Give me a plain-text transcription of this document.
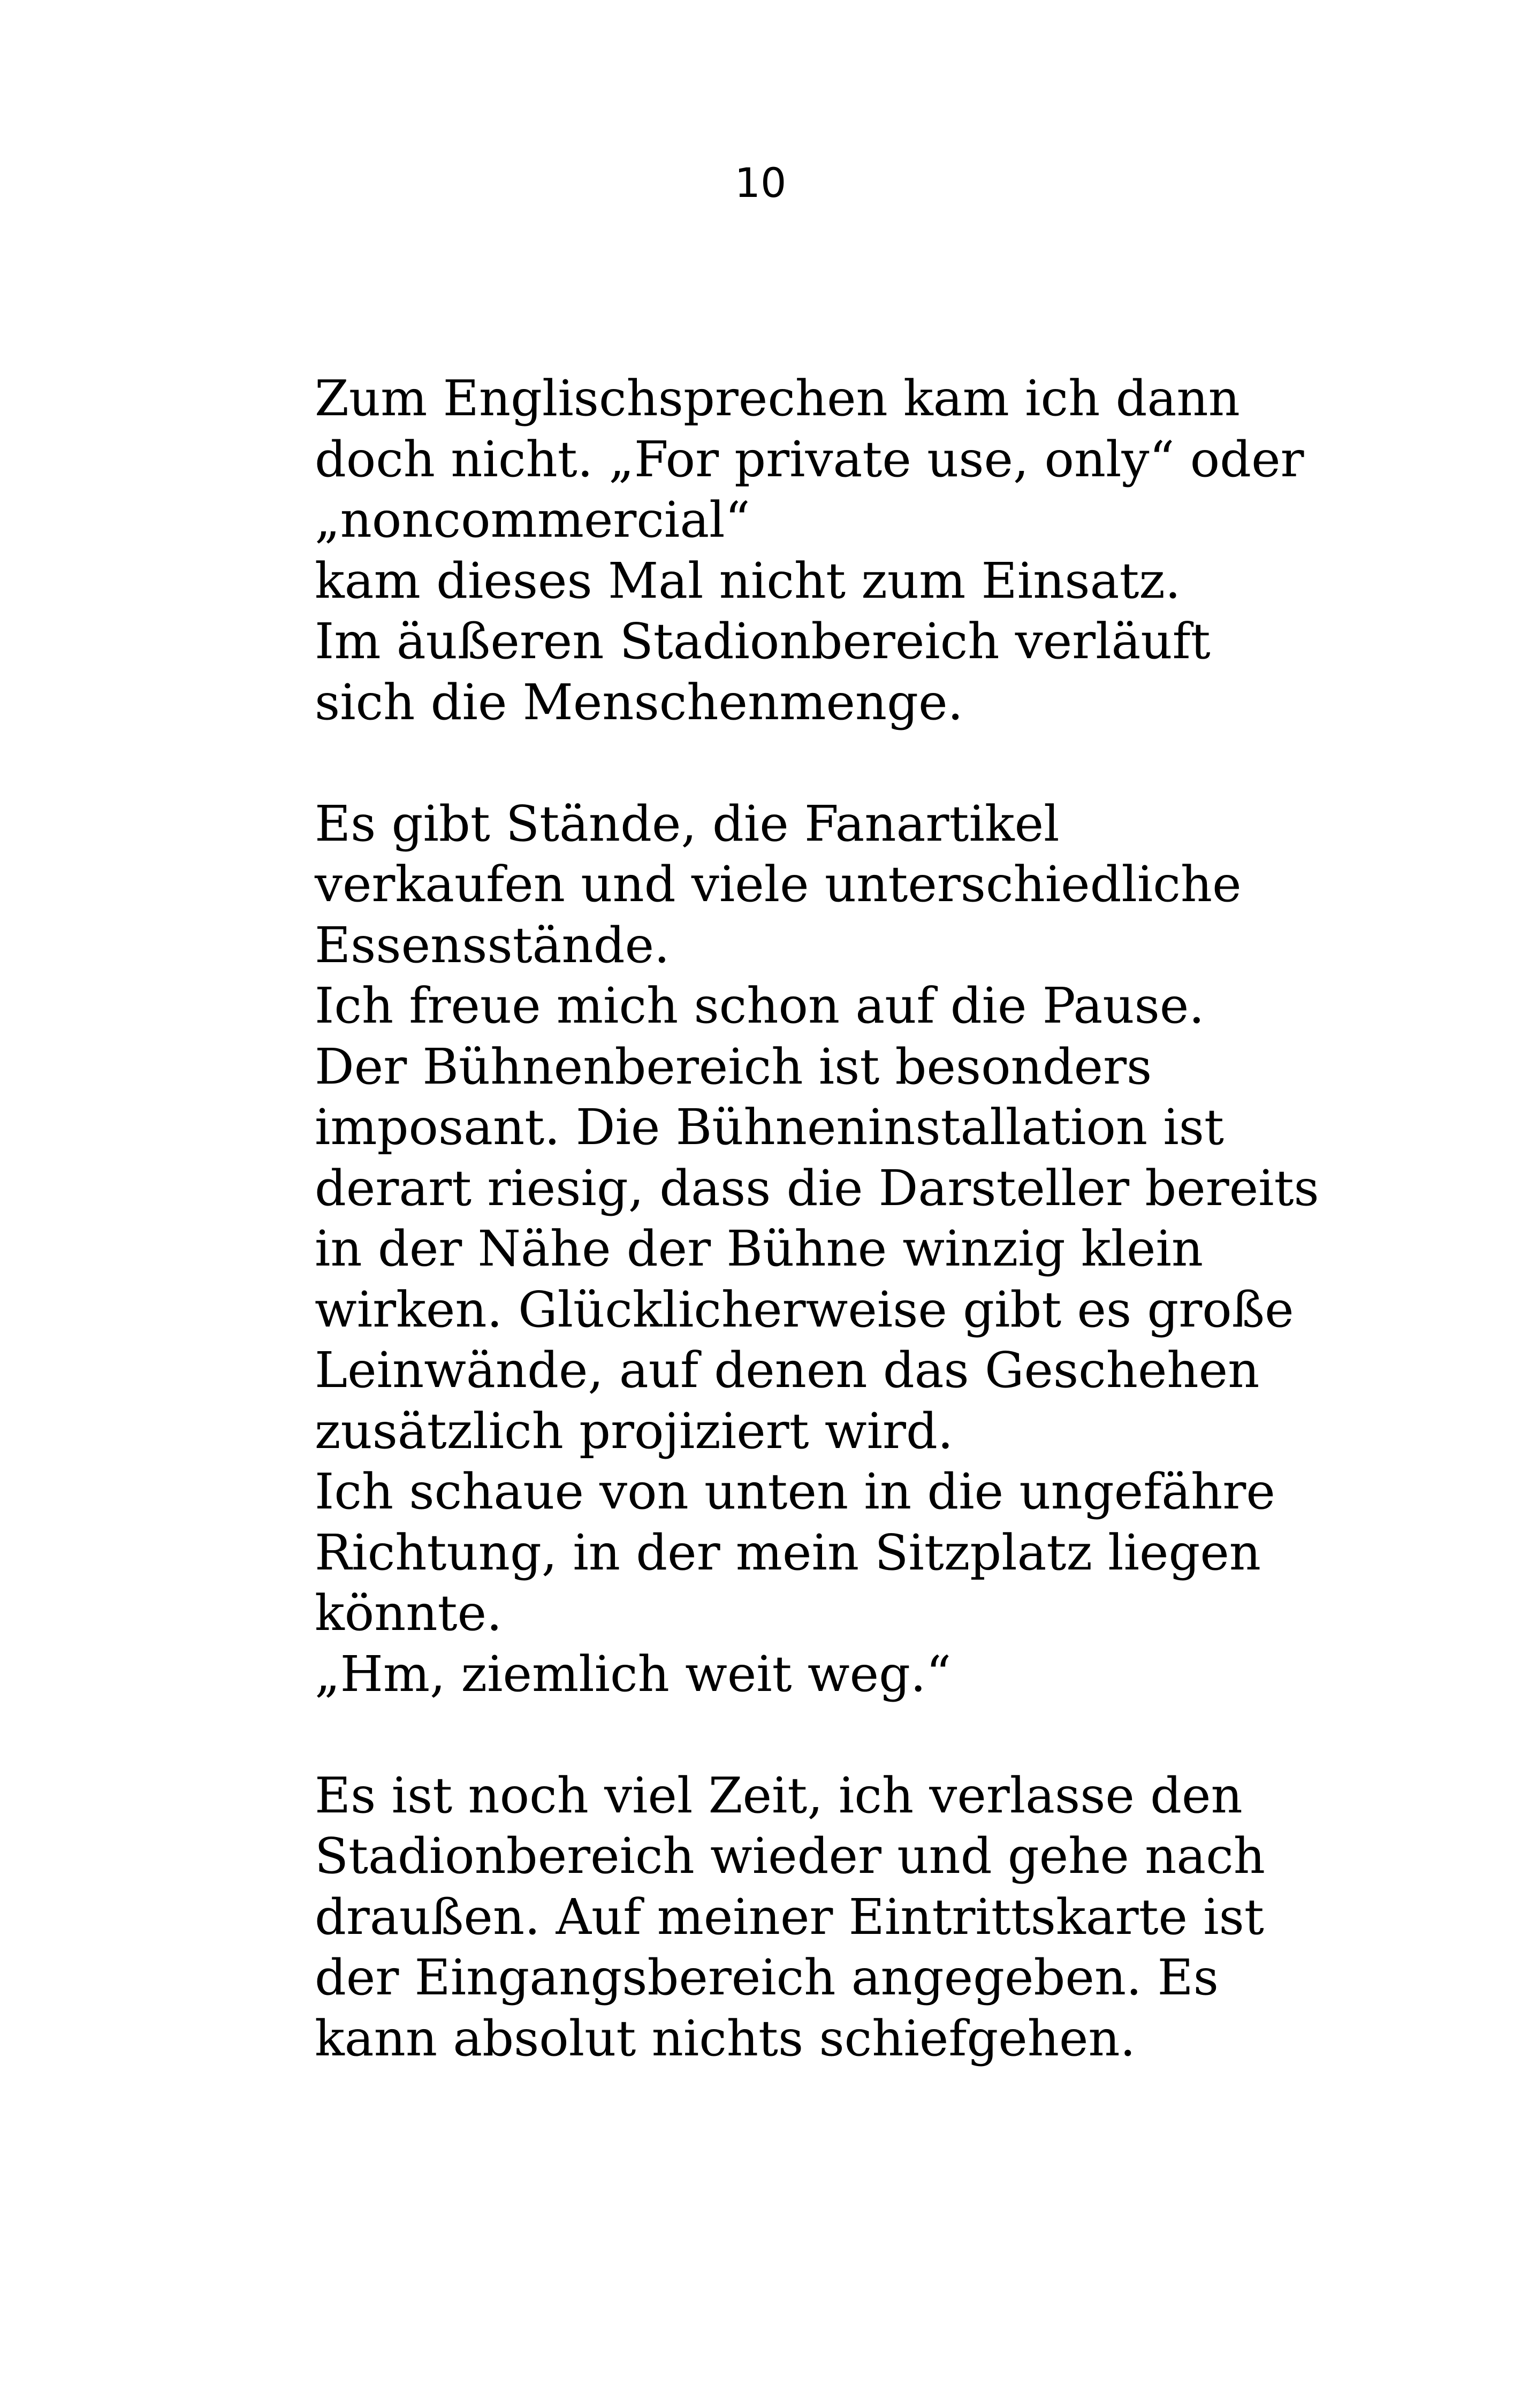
10
Zum Englischsprechen kam ich dann
doch nicht. „For private use, only“ oder
„noncommercial“
kam dieses Mal nicht zum Einsatz.
Im äußeren Stadionbereich verläuft
sich die Menschenmenge.
Es gibt Stände, die Fanartikel
verkaufen und viele unterschiedliche
Essensstände.
Ich freue mich schon auf die Pause.
Der Bühnenbereich ist besonders
imposant. Die Bühneninstallation ist
derart riesig, dass die Darsteller bereits
in der Nähe der Bühne winzig klein
wirken. Glücklicherweise gibt es große
Leinwände, auf denen das Geschehen
zusätzlich projiziert wird.
Ich schaue von unten in die ungefähre
Richtung, in der mein Sitzplatz liegen
könnte.
„Hm, ziemlich weit weg.“
Es ist noch viel Zeit, ich verlasse den
Stadionbereich wieder und gehe nach
draußen. Auf meiner Eintrittskarte ist
der Eingangsbereich angegeben. Es
kann absolut nichts schiefgehen.
